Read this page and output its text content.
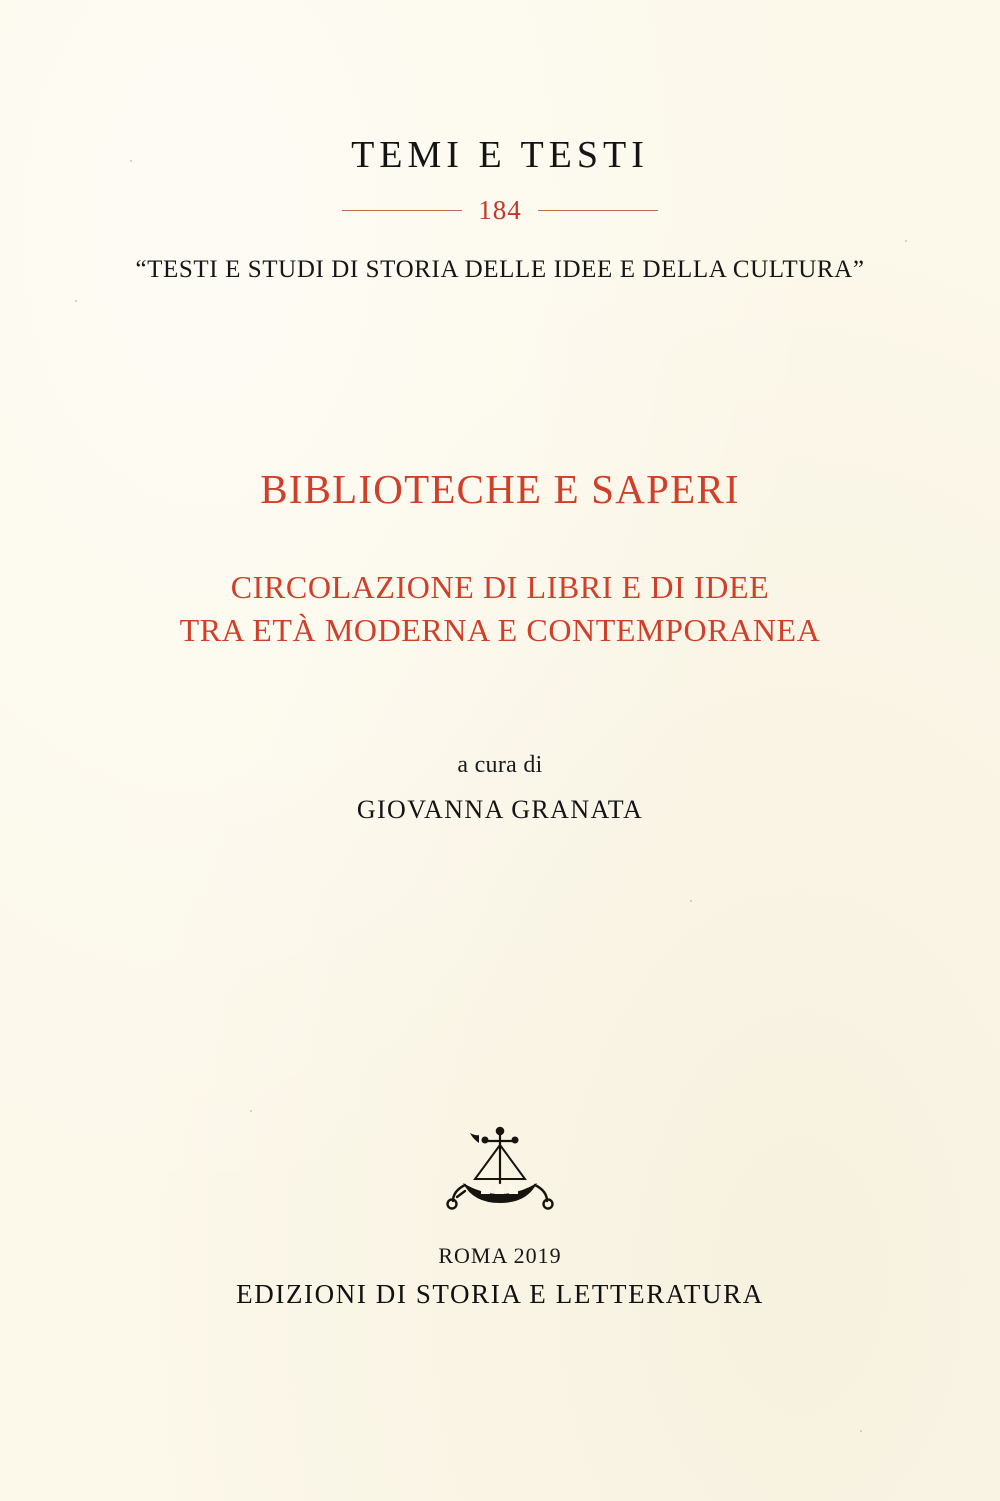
TEMI E TESTI
184
“TESTI E STUDI DI STORIA DELLE IDEE E DELLA CULTURA”
BIBLIOTECHE E SAPERI
CIRCOLAZIONE DI LIBRI E DI IDEE
TRA ETÀ MODERNA E CONTEMPORANEA
a cura di
GIOVANNA GRANATA
ROMA 2019
EDIZIONI DI STORIA E LETTERATURA
